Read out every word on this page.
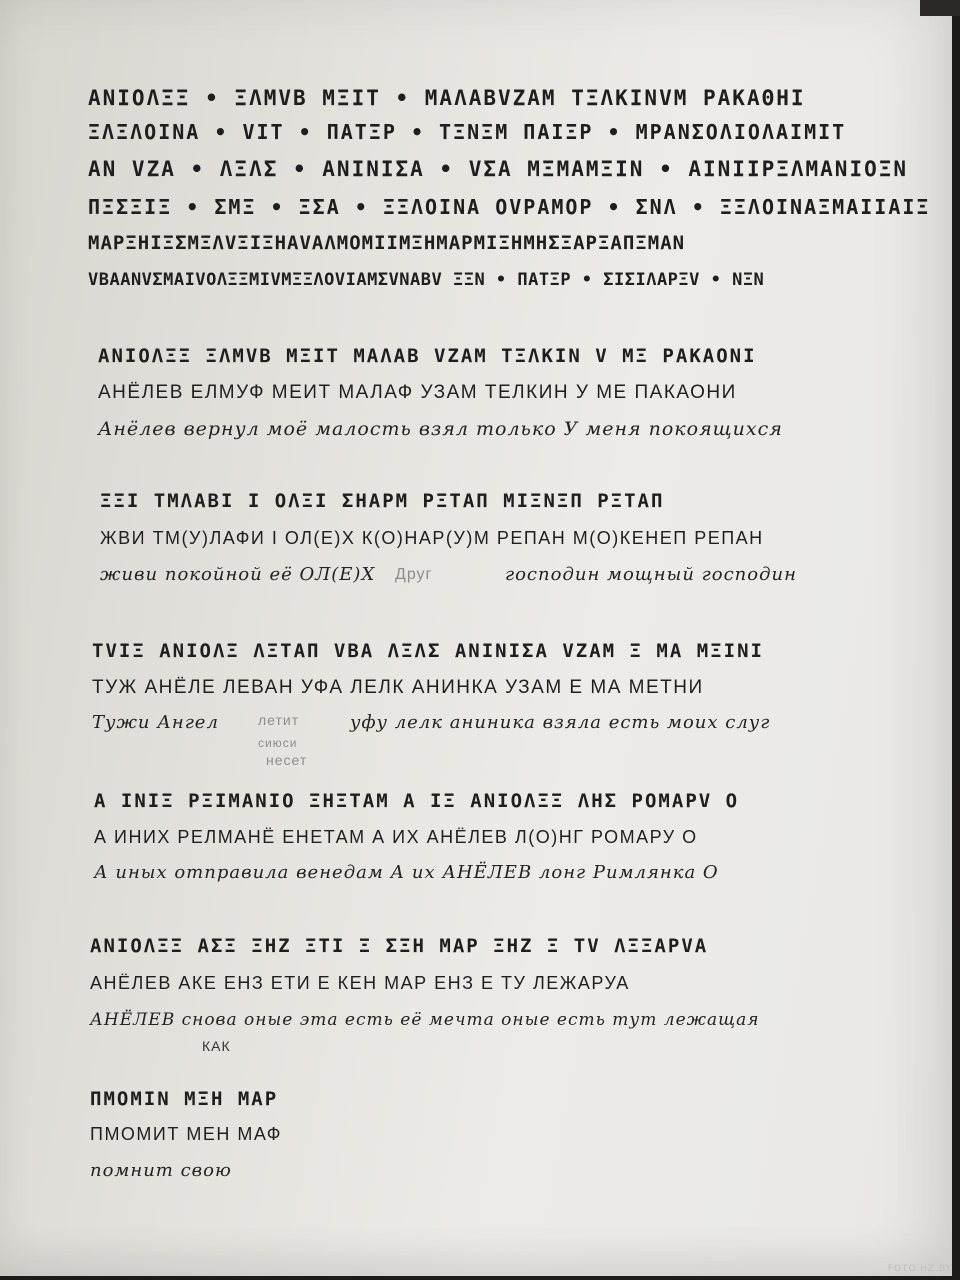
ΑΝΙΟΛΞΞ • ΞΛΜVΒ ΜΞΙΤ • ΜΑΛΑΒVΖΑΜ ΤΞΛΚΙΝVΜ ΡΑΚΑΘΗΙ
ΞΛΞΛΟΙΝΑ • VΙΤ • ΠΑΤΞΡ • ΤΞΝΞΜ ΠΑΙΞΡ • ΜΡΑΝΣΟΛΙΟΛΑΙΜΙΤ
ΑΝ VΖΑ • ΛΞΛΣ • ΑΝΙΝΙΣΑ • VΣΑ ΜΞΜΑΜΞΙΝ • ΑΙΝΙΙΡΞΛΜΑΝΙΟΞΝ
ΠΞΣΞΙΞ • ΣΜΞ • ΞΣΑ • ΞΞΛΟΙΝΑ ΟVΡΑΜΟΡ • ΣΝΛ • ΞΞΛΟΙΝΑΞΜΑΙΙΑΙΞ
ΜΑΡΞΗΙΞΣΜΞΛVΞΙΞΗΑVΑΛΜΟΜΙΙΜΞΗΜΑΡΜΙΞΗΜΗΣΞΑΡΞΑΠΞΜΑΝ
VΒΑΑΝVΣΜΑΙVΟΛΞΞΜΙVΜΞΞΛΟVΙΑΜΣVΝΑΒV ΞΞΝ • ΠΑΤΞΡ • ΣΙΣΙΛΑΡΞV • ΝΞΝ
ΑΝΙΟΛΞΞ ΞΛΜVΒ ΜΞΙΤ ΜΑΛΑΒ VΖΑΜ ΤΞΛΚΙΝ V ΜΞ ΡΑΚΑΟΝΙ
АНЁЛЕВ ЕЛМУФ МЕИТ МАЛАФ УЗАМ ТЕЛКИН У МЕ ПАКАОНИ
Анёлев вернул моё малость взял только У меня покоящихся
ΞΞΙ ΤΜΛΑΒΙ Ι ΟΛΞΙ ΣΗΑΡΜ ΡΞΤΑΠ ΜΙΞΝΞΠ ΡΞΤΑΠ
ЖВИ ТМ(У)ЛАФИ І ОЛ(Е)Х К(О)НАР(У)М РЕПАН М(О)КЕНЕП РЕПАН
живи покойной её ОЛ(Е)Х Друг	господин мощный господин
ΤVΙΞ ΑΝΙΟΛΞ ΛΞΤΑΠ VΒΑ ΛΞΛΣ ΑΝΙΝΙΣΑ VΖΑΜ Ξ ΜΑ ΜΞΙΝΙ
ТУЖ АНЁЛЕ ЛЕВАН УФА ЛЕЛК АНИНКА УЗАМ Е МА МЕТНИ
Тужи Ангел	летит	уфу лелк аниника взяла есть моих слуг
сиюси
несет
Α ΙΝΙΞ ΡΞΙΜΑΝΙΟ ΞΗΞΤΑΜ Α ΙΞ ΑΝΙΟΛΞΞ ΛΗΣ ΡΟΜΑΡV Ο
А ИНИХ РЕЛМАНЁ ЕНЕТАМ А ИХ АНЁЛЕВ Л(О)НГ РОМАРУ О
А иных отправила венедам А их АНЁЛЕВ лонг Римлянка О
ΑΝΙΟΛΞΞ ΑΣΞ ΞΗΖ ΞΤΙ Ξ ΣΞΗ ΜΑΡ ΞΗΖ Ξ ΤV ΛΞΞΑΡVΑ
АНЁЛЕВ АКЕ ЕНЗ ЕТИ Е КЕН МАР ЕНЗ Е ТУ ЛЕЖАРУА
АНЁЛЕВ снова оные эта есть её мечта оные есть тут лежащая
КАК
ΠΜΟΜΙΝ ΜΞΗ ΜΑΡ
ПМОМИТ МЕН МАФ
помнит свою
FOTO.HZ.BY
